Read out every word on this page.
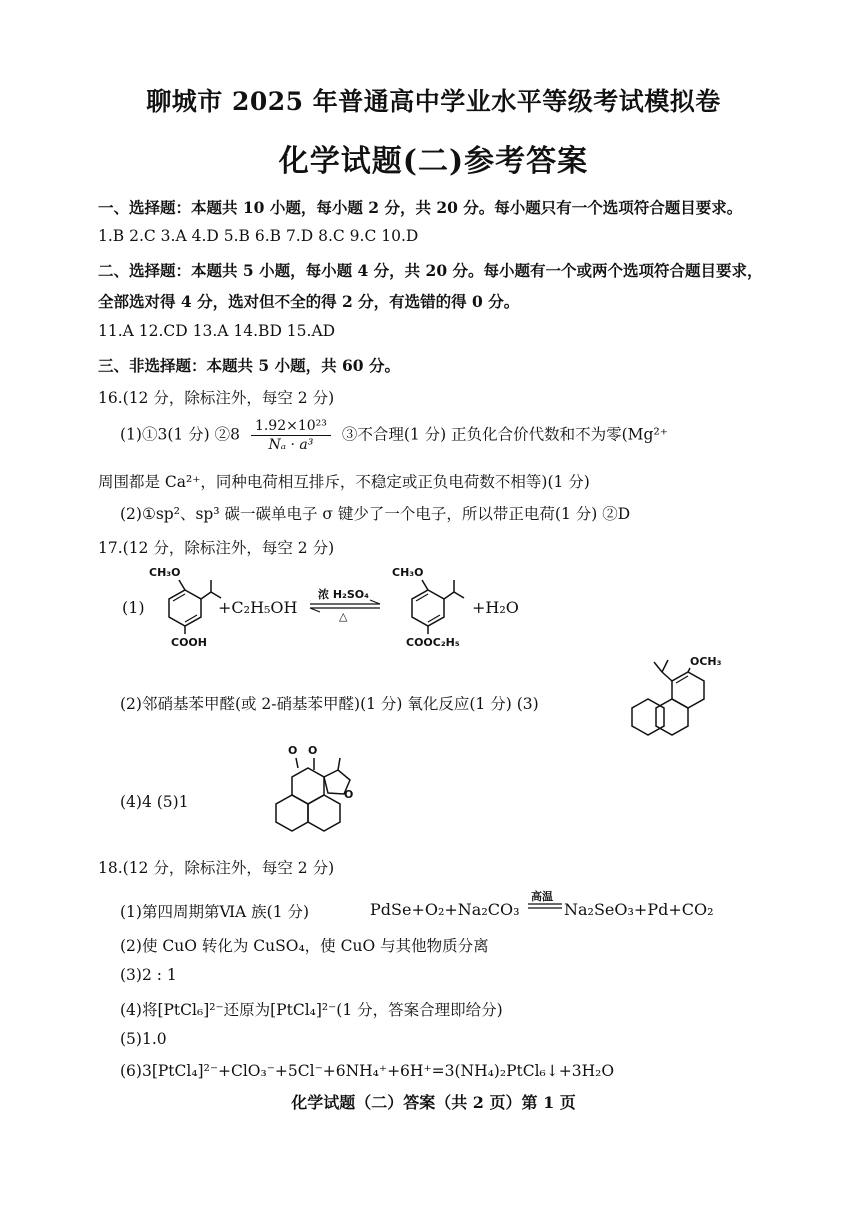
聊城市 2025 年普通高中学业水平等级考试模拟卷
化学试题(二)参考答案
一、选择题：本题共 10 小题，每小题 2 分，共 20 分。每小题只有一个选项符合题目要求。
1.B 2.C 3.A 4.D 5.B 6.B 7.D 8.C 9.C 10.D
二、选择题：本题共 5 小题，每小题 4 分，共 20 分。每小题有一个或两个选项符合题目要求，
全部选对得 4 分，选对但不全的得 2 分，有选错的得 0 分。
11.A 12.CD 13.A 14.BD 15.AD
三、非选择题：本题共 5 小题，共 60 分。
16.(12 分，除标注外，每空 2 分)
(1)①3(1 分) ②8 $\frac{\text{1.92×10²³}}{\text{Nₐ · a³}}$ ③不合理(1 分) 正负化合价代数和不为零(Mg²⁺
周围都是 Ca²⁺，同种电荷相互排斥，不稳定或正负电荷数不相等)(1 分)
(2)①sp²、sp³ 碳一碳单电子 σ 键少了一个电子，所以带正电荷(1 分) ②D
17.(12 分，除标注外，每空 2 分)
(1)
CH₃O
COOH
+C₂H₅OH
浓 H₂SO₄
△
CH₃O
COOC₂H₅
+H₂O
(2)邻硝基苯甲醛(或 2-硝基苯甲醛)(1 分) 氧化反应(1 分) (3)
OCH₃
(4)4 (5)1
O O
O
18.(12 分，除标注外，每空 2 分)
(1)第四周期第ⅥA 族(1 分)	PdSe+O₂+Na₂CO₃
高温
Na₂SeO₃+Pd+CO₂
(2)使 CuO 转化为 CuSO₄，使 CuO 与其他物质分离
(3)2 : 1
(4)将[PtCl₆]²⁻还原为[PtCl₄]²⁻(1 分，答案合理即给分)
(5)1.0
(6)3[PtCl₄]²⁻+ClO₃⁻+5Cl⁻+6NH₄⁺+6H⁺=3(NH₄)₂PtCl₆↓+3H₂O
化学试题（二）答案（共 2 页）第 1 页
